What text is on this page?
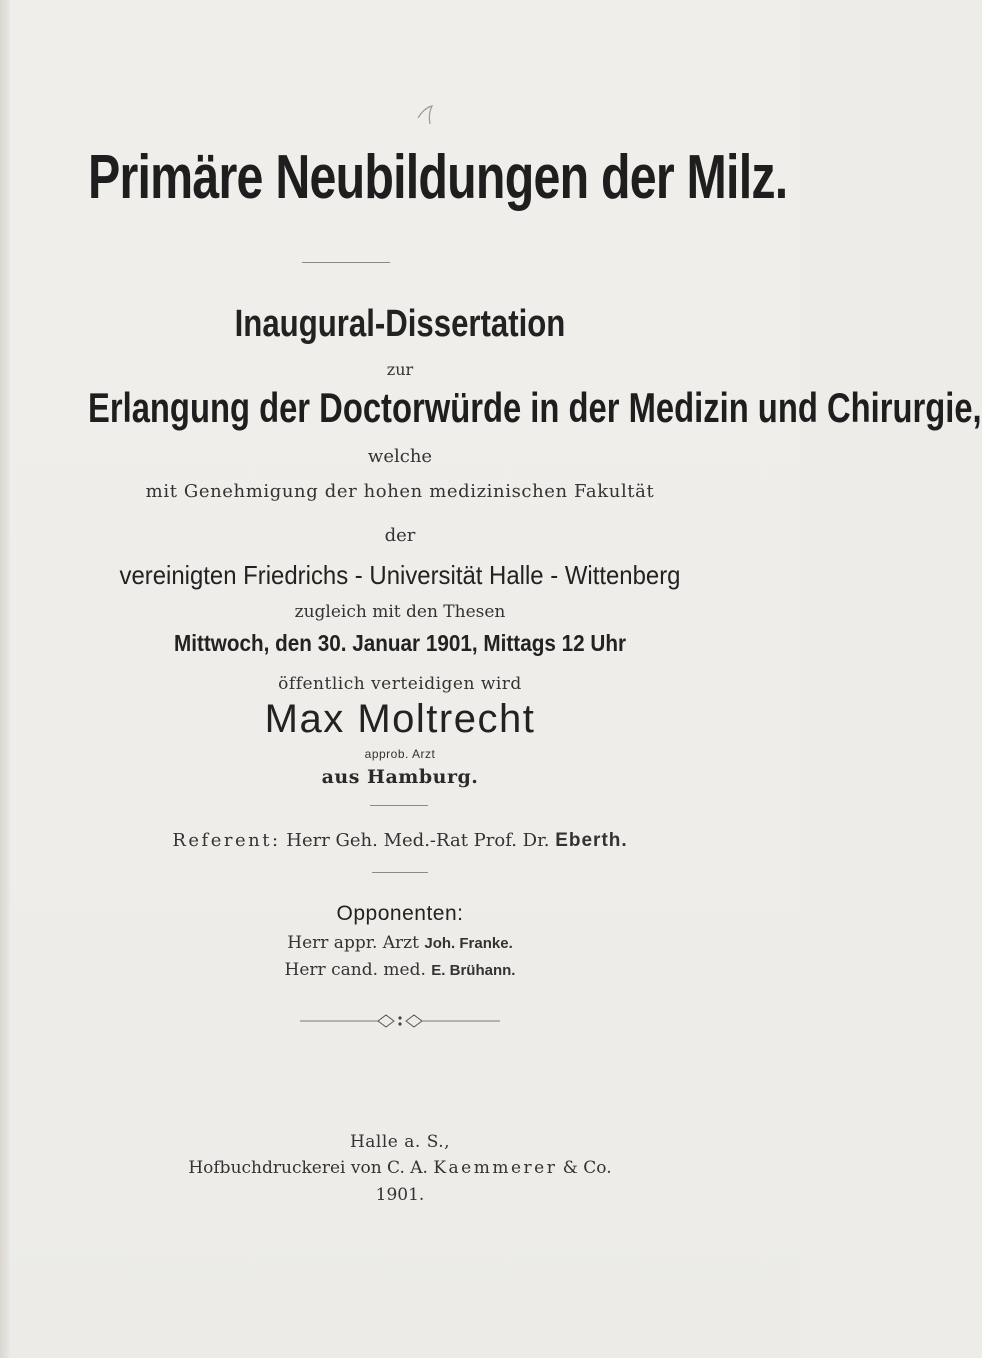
Primäre Neubildungen der Milz.
Inaugural-Dissertation
zur
Erlangung der Doctorwürde in der Medizin und Chirurgie,
welche
mit Genehmigung der hohen medizinischen Fakultät
der
vereinigten Friedrichs - Universität Halle - Wittenberg
zugleich mit den Thesen
Mittwoch, den 30. Januar 1901, Mittags 12 Uhr
öffentlich verteidigen wird
Max Moltrecht
approb. Arzt
aus Hamburg.
Referent: Herr Geh. Med.-Rat Prof. Dr. Eberth.
Opponenten:
Herr appr. Arzt Joh. Franke.
Herr cand. med. E. Brühann.
Halle a. S.,
Hofbuchdruckerei von C. A. Kaemmerer & Co.
1901.
